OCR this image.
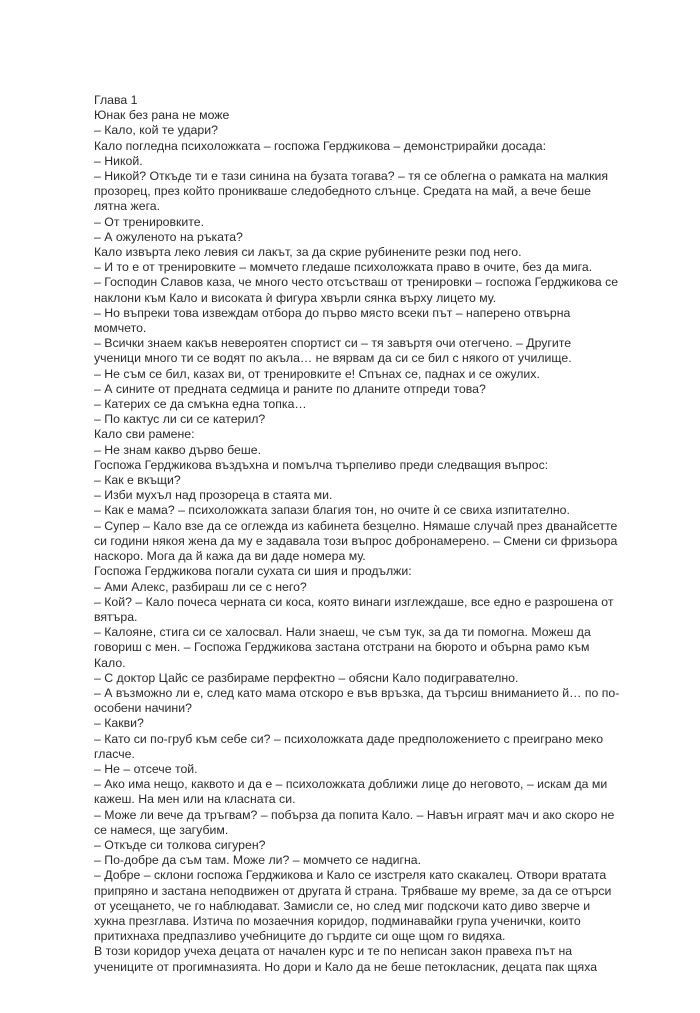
Глава 1

Юнак без рана не може

– Кало, кой те удари?

Кало погледна психоложката – госпожа Герджикова – демонстрирайки досада:

– Никой.

– Никой? Откъде ти е тази синина на бузата тогава? – тя се облегна о рамката на малкия прозорец, през който проникваше следобедното слънце. Средата на май, а вече беше лятна жега.

– От тренировките.

– А ожуленото на ръката?

Кало извърта леко левия си лакът, за да скрие рубинените резки под него.

– И то е от тренировките – момчето гледаше психоложката право в очите, без да мига.

– Господин Славов каза, че много често отсъстваш от тренировки – госпожа Герджикова се наклони към Кало и високата ѝ фигура хвърли сянка върху лицето му.

– Но въпреки това извеждам отбора до първо място всеки път – наперено отвърна момчето.

– Всички знаем какъв невероятен спортист си – тя завъртя очи отегчено. – Другите ученици много ти се водят по акъла… не вярвам да си се бил с някого от училище.

– Не съм се бил, казах ви, от тренировките е! Спънах се, паднах и се ожулих.

– А сините от предната седмица и раните по дланите отпреди това?

– Катерих се да смъкна една топка…

– По кактус ли си се катерил?

Кало сви рамене:

– Не знам какво дърво беше.

Госпожа Герджикова въздъхна и помълча търпеливо преди следващия въпрос:

– Как е вкъщи?

– Изби мухъл над прозореца в стаята ми.

– Как е мама? – психоложката запази благия тон, но очите ѝ се свиха изпитателно.

– Супер – Кало взе да се оглежда из кабинета безцелно. Нямаше случай през дванайсетте си години някоя жена да му е задавала този въпрос добронамерено. – Смени си фризьора наскоро. Мога да й кажа да ви даде номера му.

Госпожа Герджикова погали сухата си шия и продължи:

– Ами Алекс, разбираш ли се с него?

– Кой? – Кало почеса черната си коса, която винаги изглеждаше, все едно е разрошена от вятъра.

– Калояне, стига си се халосвал. Нали знаеш, че съм тук, за да ти помогна. Можеш да говориш с мен. – Госпожа Герджикова застана отстрани на бюрото и обърна рамо към Кало.

– С доктор Цайс се разбираме перфектно – обясни Кало подигравателно.

– А възможно ли е, след като мама отскоро е във връзка, да търсиш вниманието й… по по-особени начини?

– Какви?

– Като си по-груб към себе си? – психоложката даде предположението с преиграно меко гласче.

– Не – отсече той.

– Ако има нещо, каквото и да е – психоложката доближи лице до неговото, – искам да ми кажеш. На мен или на класната си.

– Може ли вече да тръгвам? – побърза да попита Кало. – Навън играят мач и ако скоро не се намеся, ще загубим.

– Откъде си толкова сигурен?

– По-добре да съм там. Може ли? – момчето се надигна.

– Добре – склони госпожа Герджикова и Кало се изстреля като скакалец. Отвори вратата припряно и застана неподвижен от другата й страна. Трябваше му време, за да се отърси от усещането, че го наблюдават. Замисли се, но след миг подскочи като диво зверче и хукна презглава. Изтича по мозаечния коридор, подминавайки група ученички, които притихнаха предпазливо учебниците до гърдите си още щом го видяха.

В този коридор учеха децата от начален курс и те по неписан закон правеха път на учениците от прогимназията. Но дори и Кало да не беше петокласник, децата пак щяха
